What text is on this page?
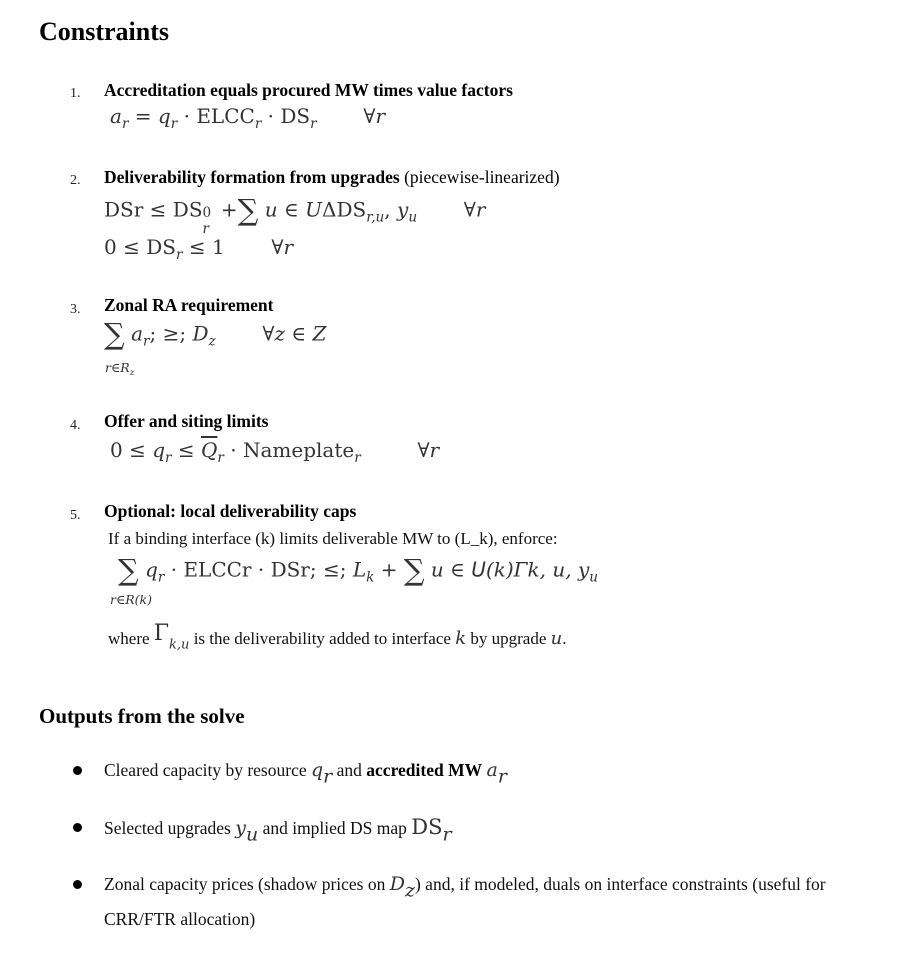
Constraints
1. Accreditation equals procured MW times value factors
$a_r = q_r$ · $ELCC_r \cdot DS_r$ ∀r
2. Deliverability formation from upgrades (piecewise-linearized)
DSr ≤ DS 0
r
+∑ u ∈ $U\Delta DS_{r,u}$, $y_u$ ∀r
$0 \le DS_r \le 1$ ∀r
3. Zonal RA requirement
∑ $a_r$; ≥; $D_z$ ∀z ∈ Z
$r\in R_z$
4. Offer and siting limits
$0 \le q_r \le \overline{Q}_r$ · Nameplate$_r$	∀r
5. Optional: local deliverability caps
If a binding interface (k) limits deliverable MW to (L_k), enforce:
∑ $q_r$ · ELCCr · DSr; ≤; $L_k$ + ∑ u ∈ U(k)Γk, u, $y_u$
r∈R(k)
where $\Gamma_{k,u}$ is the deliverability added to interface k by upgrade u.
Outputs from the solve
Cleared capacity by resource qr and accredited MW ar
Selected upgrades yu and implied DS map DSr
Zonal capacity prices (shadow prices on Dz) and, if modeled, duals on interface constraints (useful for CRR/FTR allocation)
